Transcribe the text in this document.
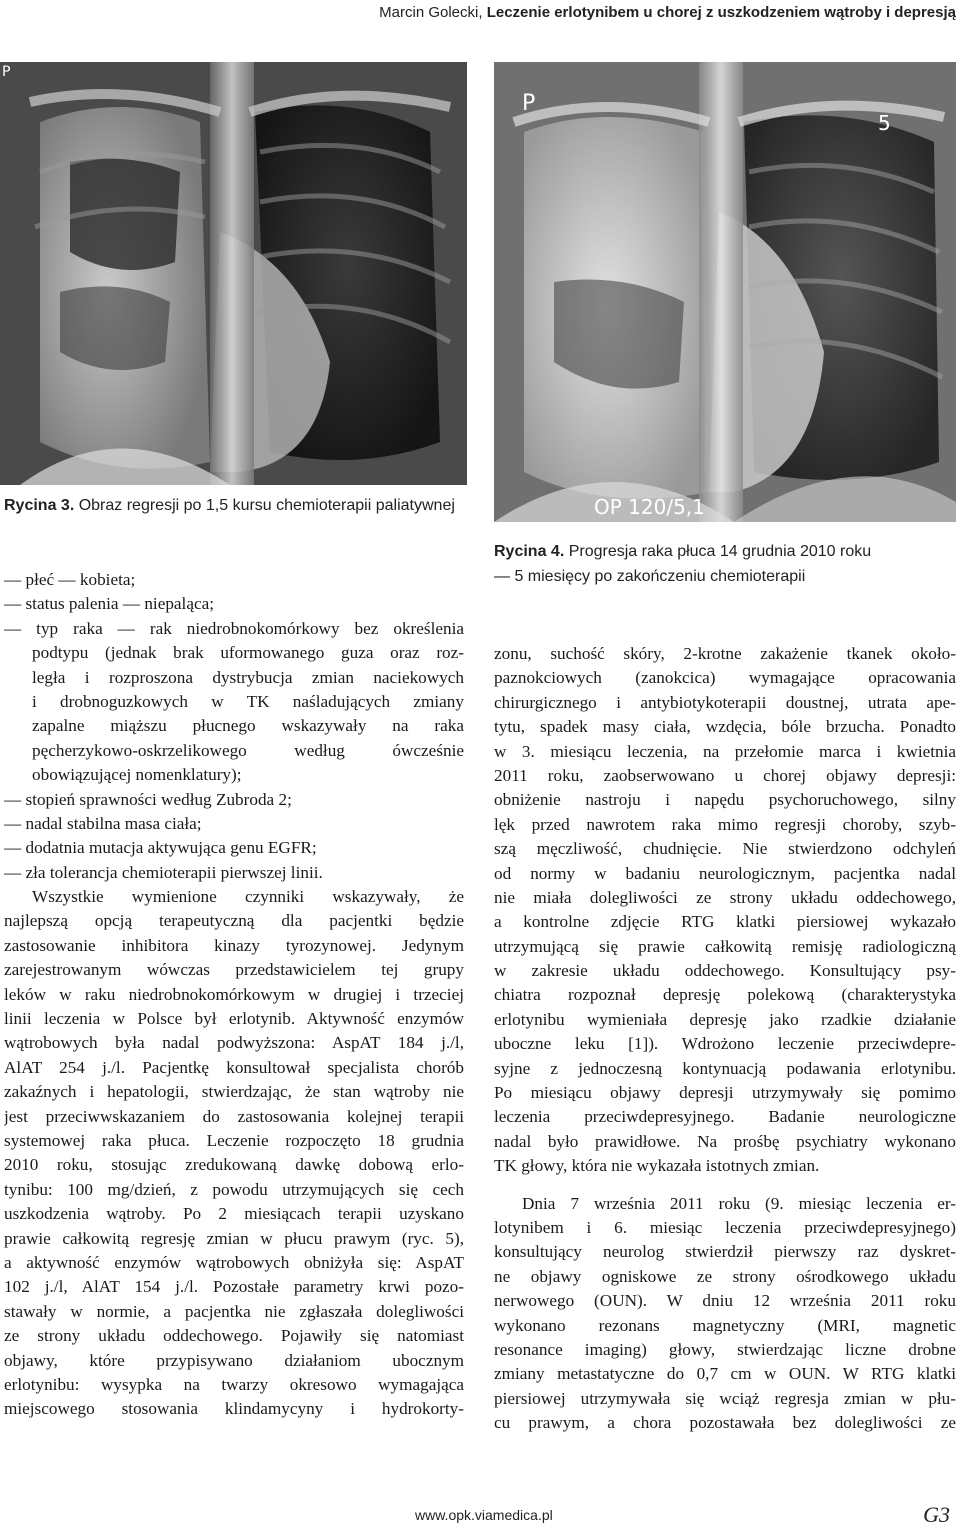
Marcin Golecki, Leczenie erlotynibem u chorej z uszkodzeniem wątroby i depresją
P
Rycina 3. Obraz regresji po 1,5 kursu chemioterapii paliatywnej
P
5
OP 120/5,1
Rycina 4. Progresja raka płuca 14 grudnia 2010 roku
— 5 miesięcy po zakończeniu chemioterapii
— płeć — kobieta;
— status palenia — niepaląca;
— typ raka — rak niedrobnokomórkowy bez określenia
podtypu (jednak brak uformowanego guza oraz roz-
legła i rozproszona dystrybucja zmian naciekowych
i drobnoguzkowych w TK naśladujących zmiany
zapalne miąższu płucnego wskazywały na raka
pęcherzykowo-oskrzelikowego według ówcześnie
obowiązującej nomenklatury);
— stopień sprawności według Zubroda 2;
— nadal stabilna masa ciała;
— dodatnia mutacja aktywująca genu EGFR;
— zła tolerancja chemioterapii pierwszej linii.
Wszystkie wymienione czynniki wskazywały, że
najlepszą opcją terapeutyczną dla pacjentki będzie
zastosowanie inhibitora kinazy tyrozynowej. Jedynym
zarejestrowanym wówczas przedstawicielem tej grupy
leków w raku niedrobnokomórkowym w drugiej i trzeciej
linii leczenia w Polsce był erlotynib. Aktywność enzymów
wątrobowych była nadal podwyższona: AspAT 184 j./l,
AlAT 254 j./l. Pacjentkę konsultował specjalista chorób
zakaźnych i hepatologii, stwierdzając, że stan wątroby nie
jest przeciwwskazaniem do zastosowania kolejnej terapii
systemowej raka płuca. Leczenie rozpoczęto 18 grudnia
2010 roku, stosując zredukowaną dawkę dobową erlo-
tynibu: 100 mg/dzień, z powodu utrzymujących się cech
uszkodzenia wątroby. Po 2 miesiącach terapii uzyskano
prawie całkowitą regresję zmian w płucu prawym (ryc. 5),
a aktywność enzymów wątrobowych obniżyła się: AspAT
102 j./l, AlAT 154 j./l. Pozostałe parametry krwi pozo-
stawały w normie, a pacjentka nie zgłaszała dolegliwości
ze strony układu oddechowego. Pojawiły się natomiast
objawy, które przypisywano działaniom ubocznym
erlotynibu: wysypka na twarzy okresowo wymagająca
miejscowego stosowania klindamycyny i hydrokorty-
zonu, suchość skóry, 2-krotne zakażenie tkanek około-
paznokciowych (zanokcica) wymagające opracowania
chirurgicznego i antybiotykoterapii doustnej, utrata ape-
tytu, spadek masy ciała, wzdęcia, bóle brzucha. Ponadto
w 3. miesiącu leczenia, na przełomie marca i kwietnia
2011 roku, zaobserwowano u chorej objawy depresji:
obniżenie nastroju i napędu psychoruchowego, silny
lęk przed nawrotem raka mimo regresji choroby, szyb-
szą męczliwość, chudnięcie. Nie stwierdzono odchyleń
od normy w badaniu neurologicznym, pacjentka nadal
nie miała dolegliwości ze strony układu oddechowego,
a kontrolne zdjęcie RTG klatki piersiowej wykazało
utrzymującą się prawie całkowitą remisję radiologiczną
w zakresie układu oddechowego. Konsultujący psy-
chiatra rozpoznał depresję polekową (charakterystyka
erlotynibu wymieniała depresję jako rzadkie działanie
uboczne leku [1]). Wdrożono leczenie przeciwdepre-
syjne z jednoczesną kontynuacją podawania erlotynibu.
Po miesiącu objawy depresji utrzymywały się pomimo
leczenia przeciwdepresyjnego. Badanie neurologiczne
nadal było prawidłowe. Na prośbę psychiatry wykonano
TK głowy, która nie wykazała istotnych zmian.
Dnia 7 września 2011 roku (9. miesiąc leczenia er-
lotynibem i 6. miesiąc leczenia przeciwdepresyjnego)
konsultujący neurolog stwierdził pierwszy raz dyskret-
ne objawy ogniskowe ze strony ośrodkowego układu
nerwowego (OUN). W dniu 12 września 2011 roku
wykonano rezonans magnetyczny (MRI, magnetic
resonance imaging) głowy, stwierdzając liczne drobne
zmiany metastatyczne do 0,7 cm w OUN. W RTG klatki
piersiowej utrzymywała się wciąż regresja zmian w płu-
cu prawym, a chora pozostawała bez dolegliwości ze
www.opk.viamedica.pl	G3
